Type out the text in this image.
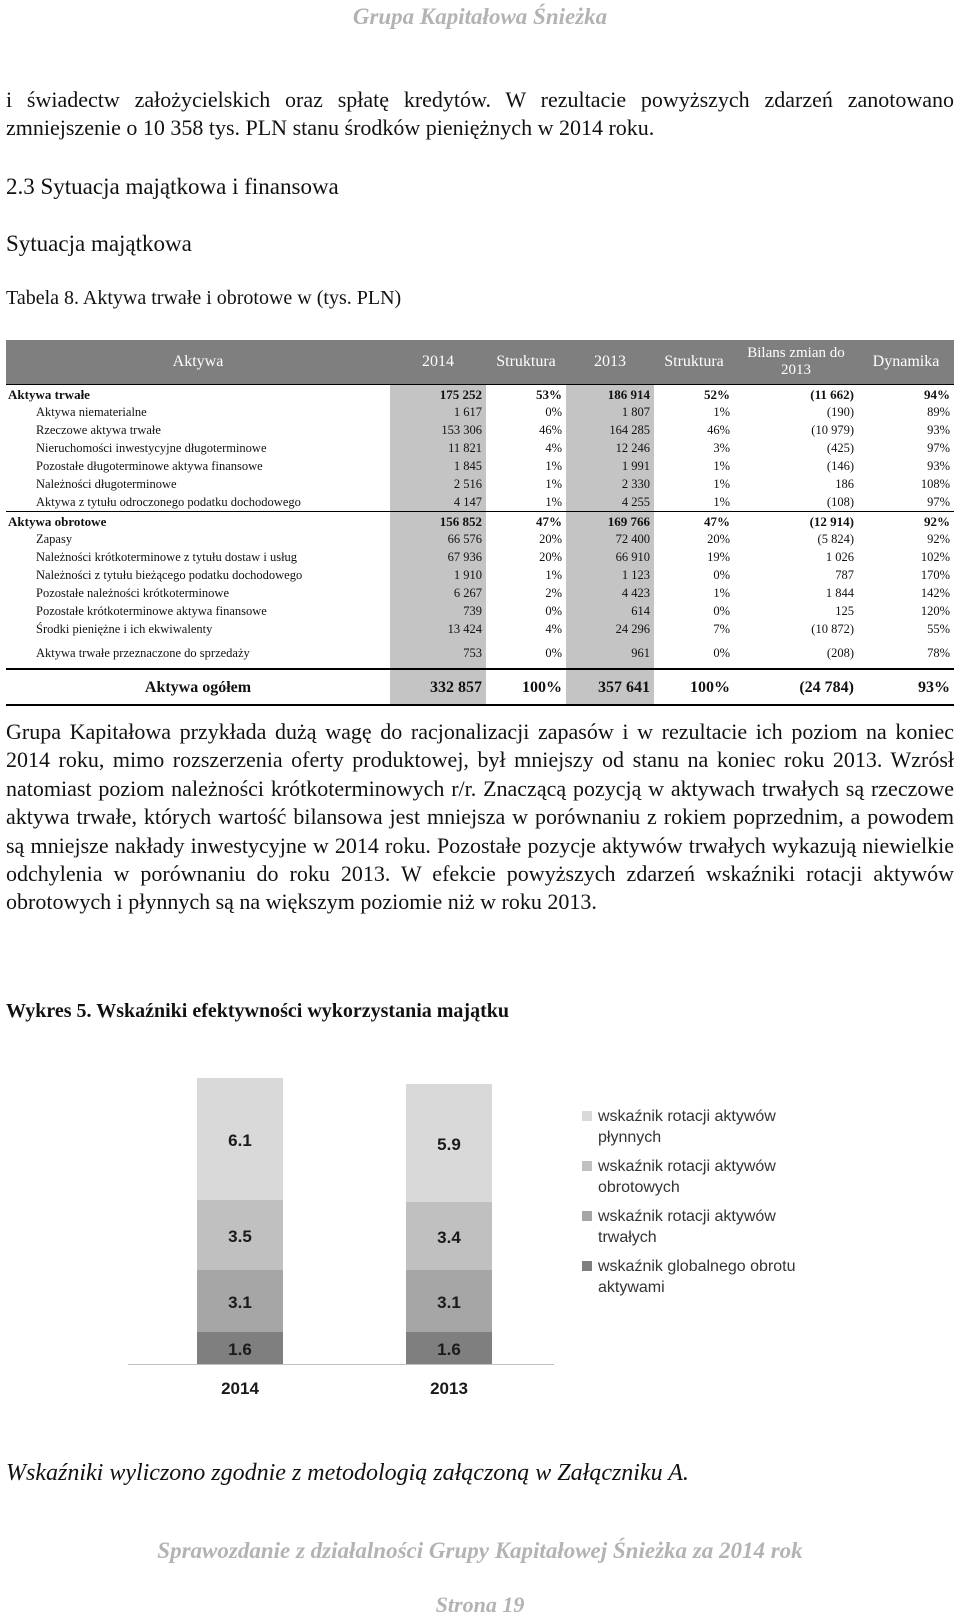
Grupa Kapitałowa Śnieżka
i świadectw założycielskich oraz spłatę kredytów. W rezultacie powyższych zdarzeń zanotowano zmniejszenie o 10 358 tys. PLN stanu środków pieniężnych w 2014 roku.
2.3 Sytuacja majątkowa i finansowa
Sytuacja majątkowa
Tabela 8. Aktywa trwałe i obrotowe w (tys. PLN)
Aktywa	2014	Struktura	2013	Struktura	Bilans zmian do 2013	Dynamika
Aktywa trwałe	175 252	53%	186 914	52%	(11 662)	94%
Aktywa niematerialne	1 617	0%	1 807	1%	(190)	89%
Rzeczowe aktywa trwałe	153 306	46%	164 285	46%	(10 979)	93%
Nieruchomości inwestycyjne długoterminowe	11 821	4%	12 246	3%	(425)	97%
Pozostałe długoterminowe aktywa finansowe	1 845	1%	1 991	1%	(146)	93%
Należności długoterminowe	2 516	1%	2 330	1%	186	108%
Aktywa z tytułu odroczonego podatku dochodowego	4 147	1%	4 255	1%	(108)	97%
Aktywa obrotowe	156 852	47%	169 766	47%	(12 914)	92%
Zapasy	66 576	20%	72 400	20%	(5 824)	92%
Należności krótkoterminowe z tytułu dostaw i usług	67 936	20%	66 910	19%	1 026	102%
Należności z tytułu bieżącego podatku dochodowego	1 910	1%	1 123	0%	787	170%
Pozostałe należności krótkoterminowe	6 267	2%	4 423	1%	1 844	142%
Pozostałe krótkoterminowe aktywa finansowe	739	0%	614	0%	125	120%
Środki pieniężne i ich ekwiwalenty	13 424	4%	24 296	7%	(10 872)	55%

Aktywa trwałe przeznaczone do sprzedaży	753	0%	961	0%	(208)	78%

Aktywa ogółem	332 857	100%	357 641	100%	(24 784)	93%
Grupa Kapitałowa przykłada dużą wagę do racjonalizacji zapasów i w rezultacie ich poziom na koniec 2014 roku, mimo rozszerzenia oferty produktowej, był mniejszy od stanu na koniec roku 2013. Wzrósł natomiast poziom należności krótkoterminowych r/r. Znaczącą pozycją w aktywach trwałych są rzeczowe aktywa trwałe, których wartość bilansowa jest mniejsza w porównaniu z rokiem poprzednim, a powodem są mniejsze nakłady inwestycyjne w 2014 roku. Pozostałe pozycje aktywów trwałych wykazują niewielkie odchylenia w porównaniu do roku 2013. W efekcie powyższych zdarzeń wskaźniki rotacji aktywów obrotowych i płynnych są na większym poziomie niż w roku 2013.
Wykres 5. Wskaźniki efektywności wykorzystania majątku
1.6
3.1
3.5
6.1
2014
1.6
3.1
3.4
5.9
2013
wskaźnik rotacji aktywów płynnych
wskaźnik rotacji aktywów obrotowych
wskaźnik rotacji aktywów trwałych
wskaźnik globalnego obrotu aktywami
Wskaźniki wyliczono zgodnie z metodologią załączoną w Załączniku A.
Sprawozdanie z działalności Grupy Kapitałowej Śnieżka za 2014 rok
Strona 19
